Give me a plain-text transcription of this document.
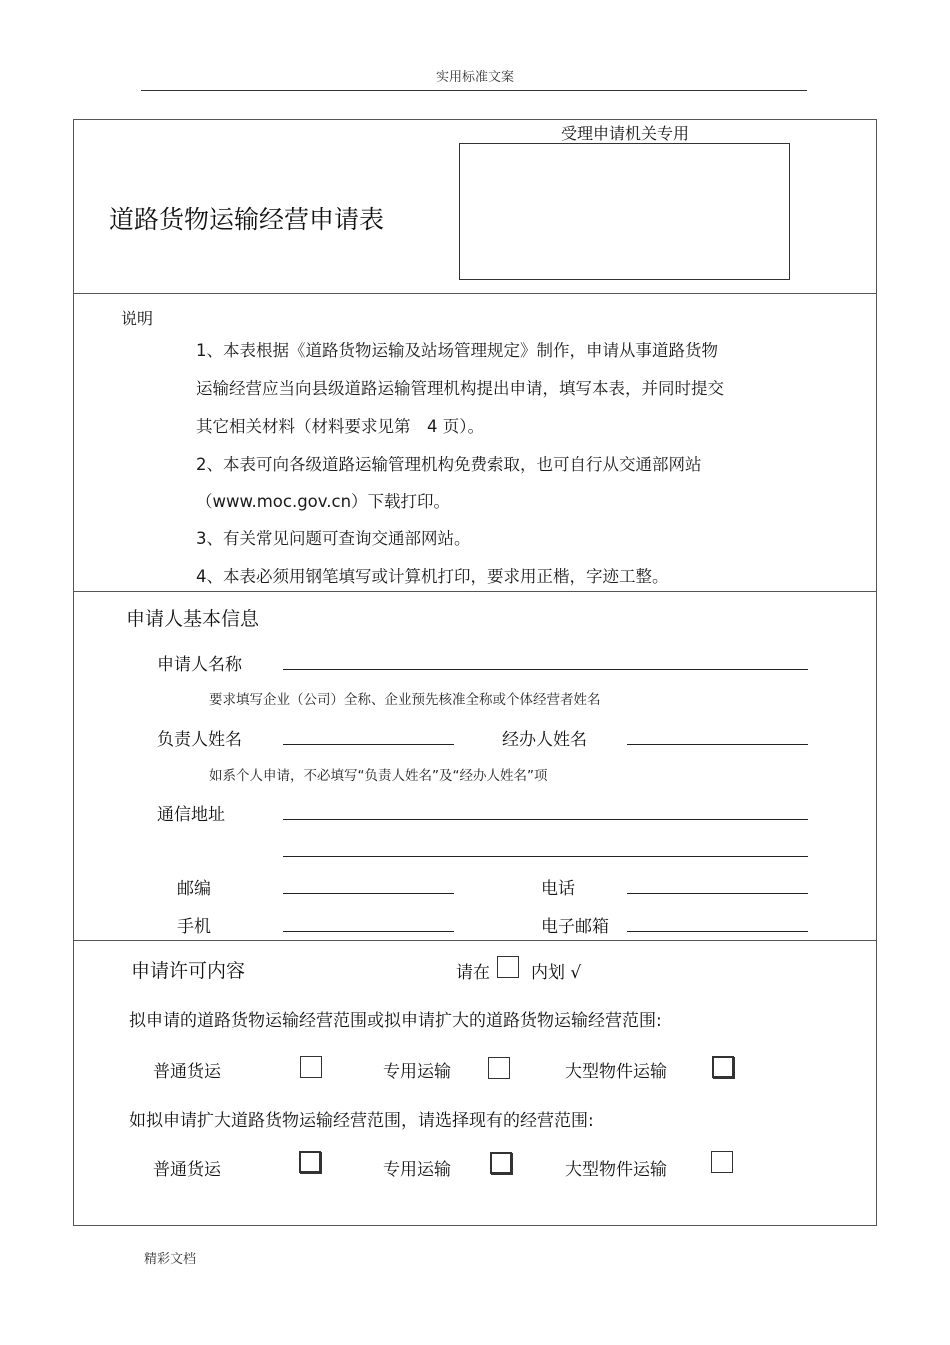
实用标准文案
道路货物运输经营申请表
受理申请机关专用
说明
1、本表根据《道路货物运输及站场管理规定》制作，申请从事道路货物
运输经营应当向县级道路运输管理机构提出申请，填写本表，并同时提交
其它相关材料（材料要求见第　4 页）。
2、本表可向各级道路运输管理机构免费索取，也可自行从交通部网站
（www.moc.gov.cn）下载打印。
3、有关常见问题可查询交通部网站。
4、本表必须用钢笔填写或计算机打印，要求用正楷，字迹工整。
申请人基本信息
申请人名称
要求填写企业（公司）全称、企业预先核准全称或个体经营者姓名
负责人姓名	经办人姓名
如系个人申请，不必填写“负责人姓名”及“经办人姓名”项
通信地址
邮编	电话
手机	电子邮箱
申请许可内容	请在 内划 √
拟申请的道路货物运输经营范围或拟申请扩大的道路货物运输经营范围:
普通货运	专用运输	大型物件运输
如拟申请扩大道路货物运输经营范围，请选择现有的经营范围:
普通货运	专用运输	大型物件运输
精彩文档
